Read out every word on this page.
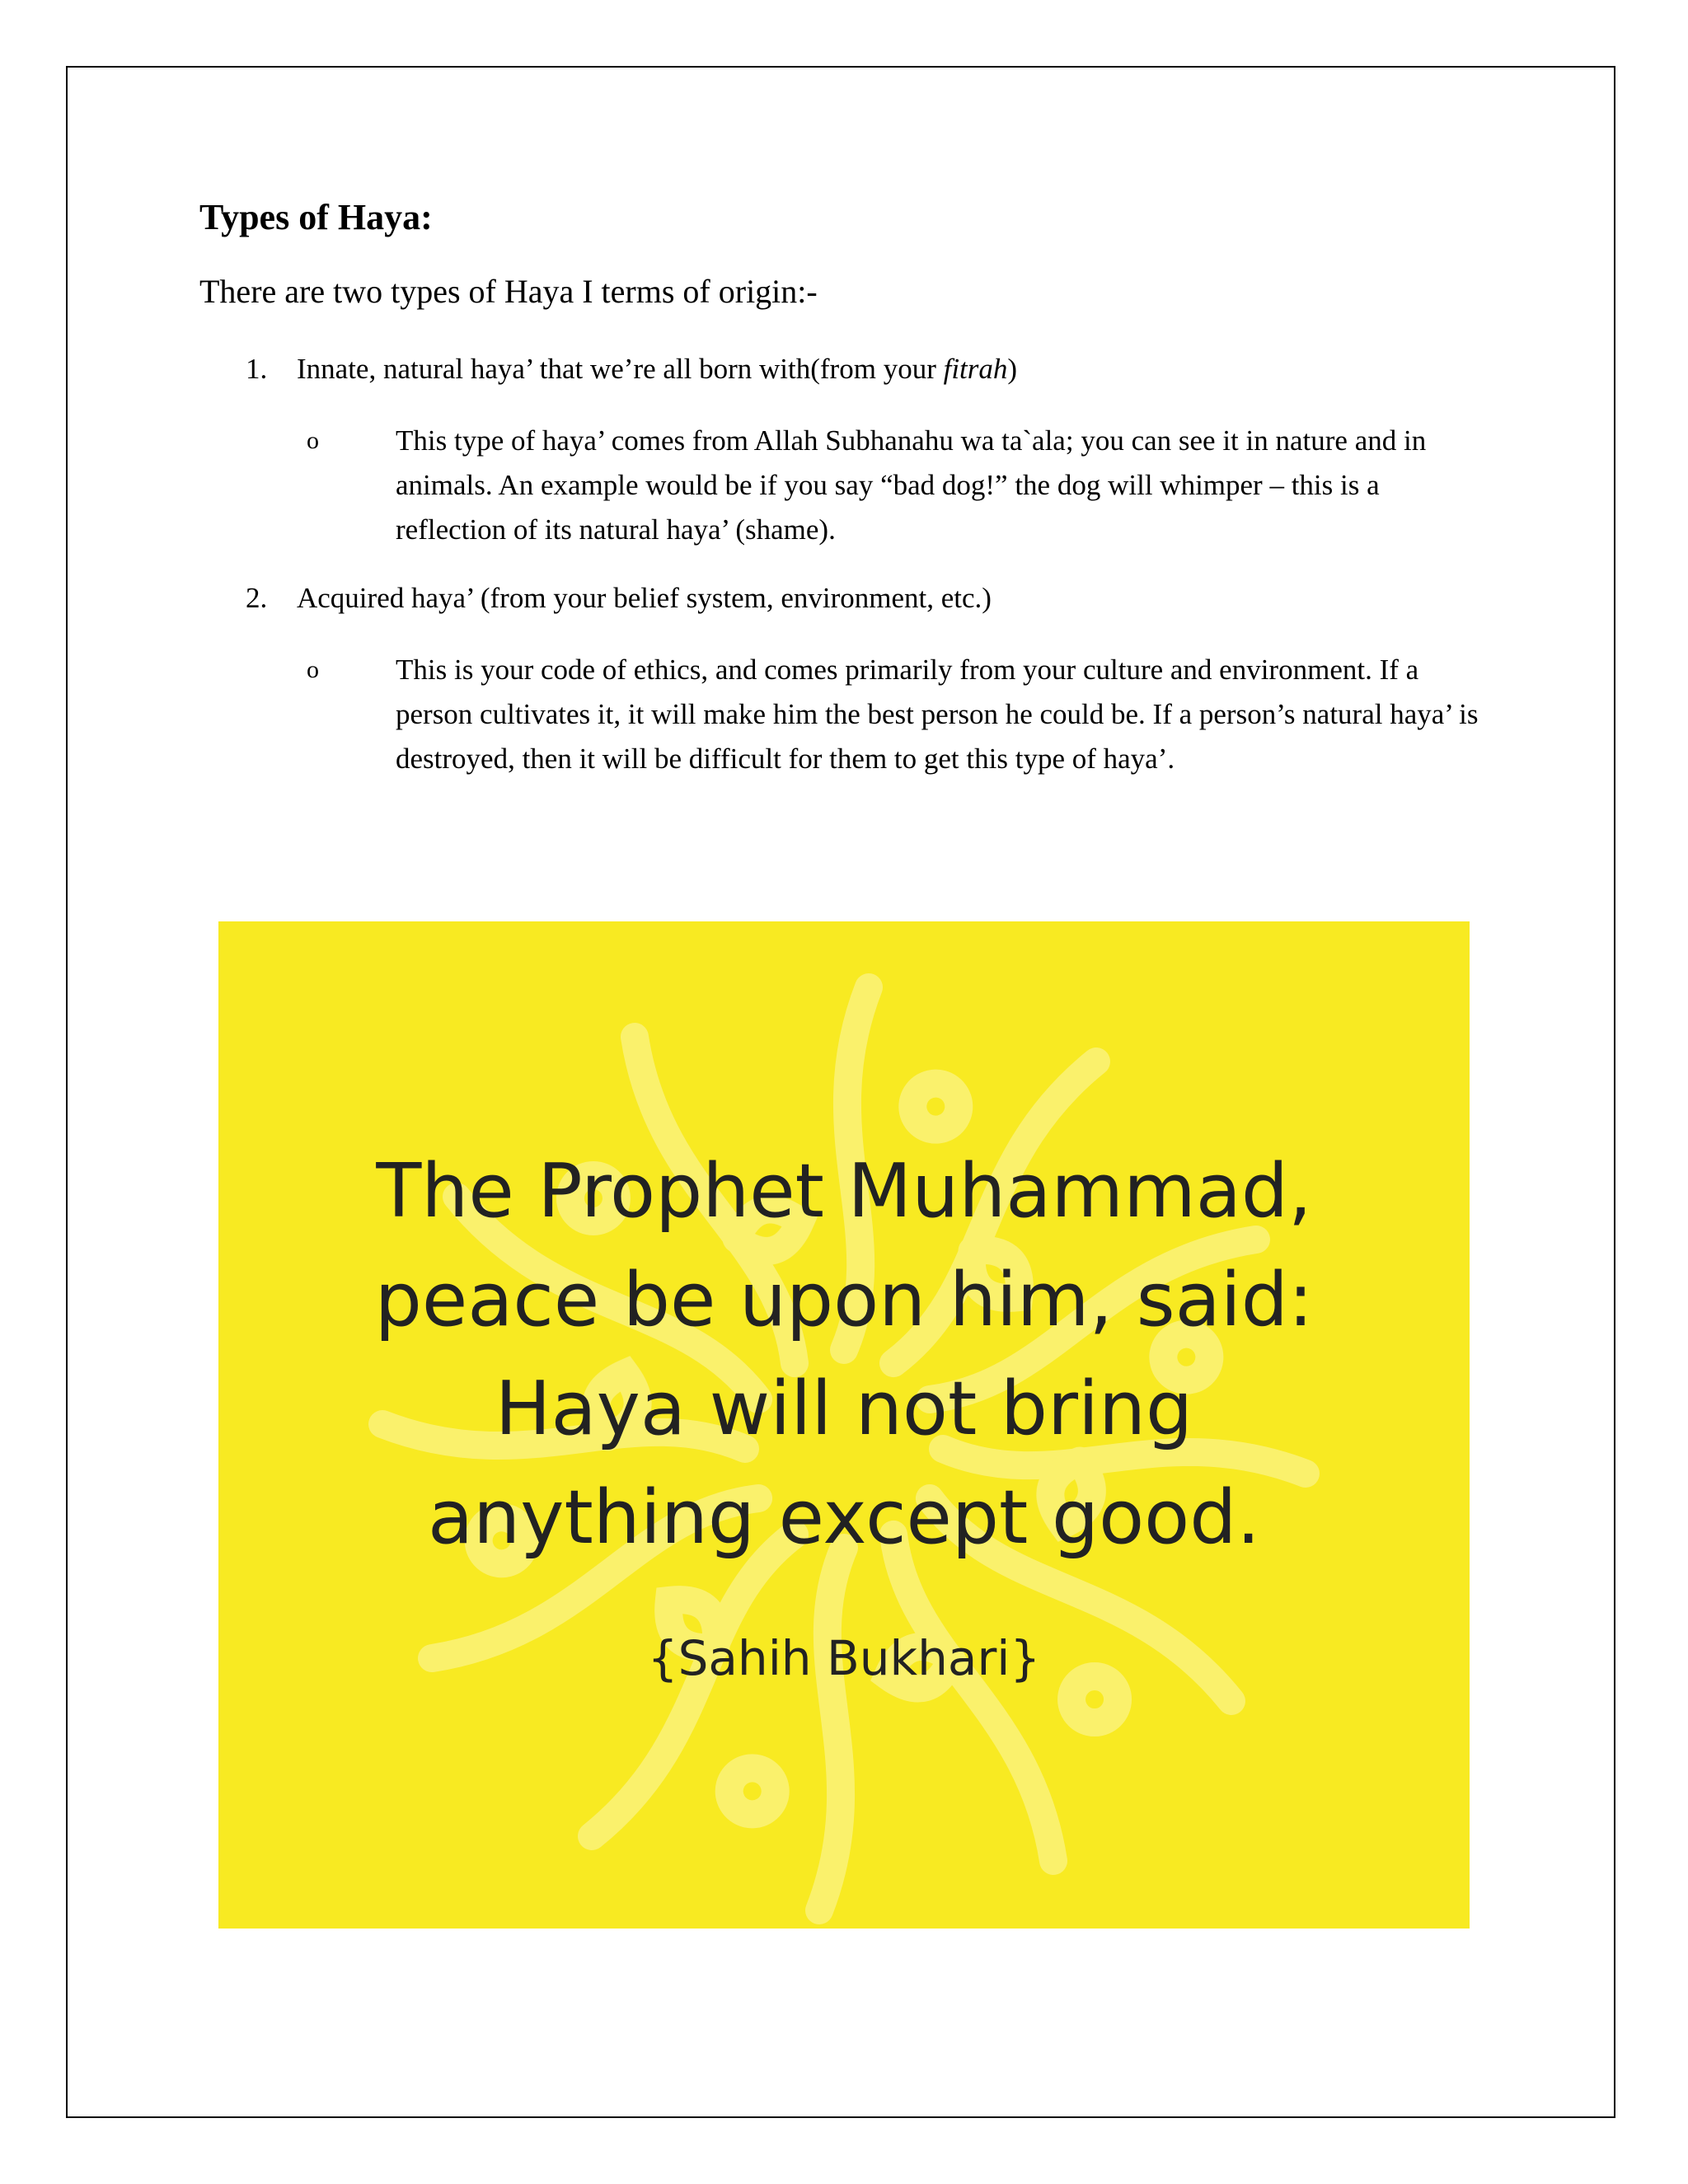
Types of Haya:

There are two types of Haya I terms of origin:-

1. Innate, natural haya’ that we’re all born with(from your fitrah)

o	This type of haya’ comes from Allah Subhanahu wa ta`ala; you can see it in nature and in animals. An example would be if you say “bad dog!” the dog will whimper – this is a reflection of its natural haya’ (shame).

2. Acquired haya’ (from your belief system, environment, etc.)

o	This is your code of ethics, and comes primarily from your culture and environment. If a person cultivates it, it will make him the best person he could be. If a person’s natural haya’ is destroyed, then it will be difficult for them to get this type of haya’.

The Prophet Muhammad,
peace be upon him, said:
Haya will not bring
anything except good.

{Sahih Bukhari}
